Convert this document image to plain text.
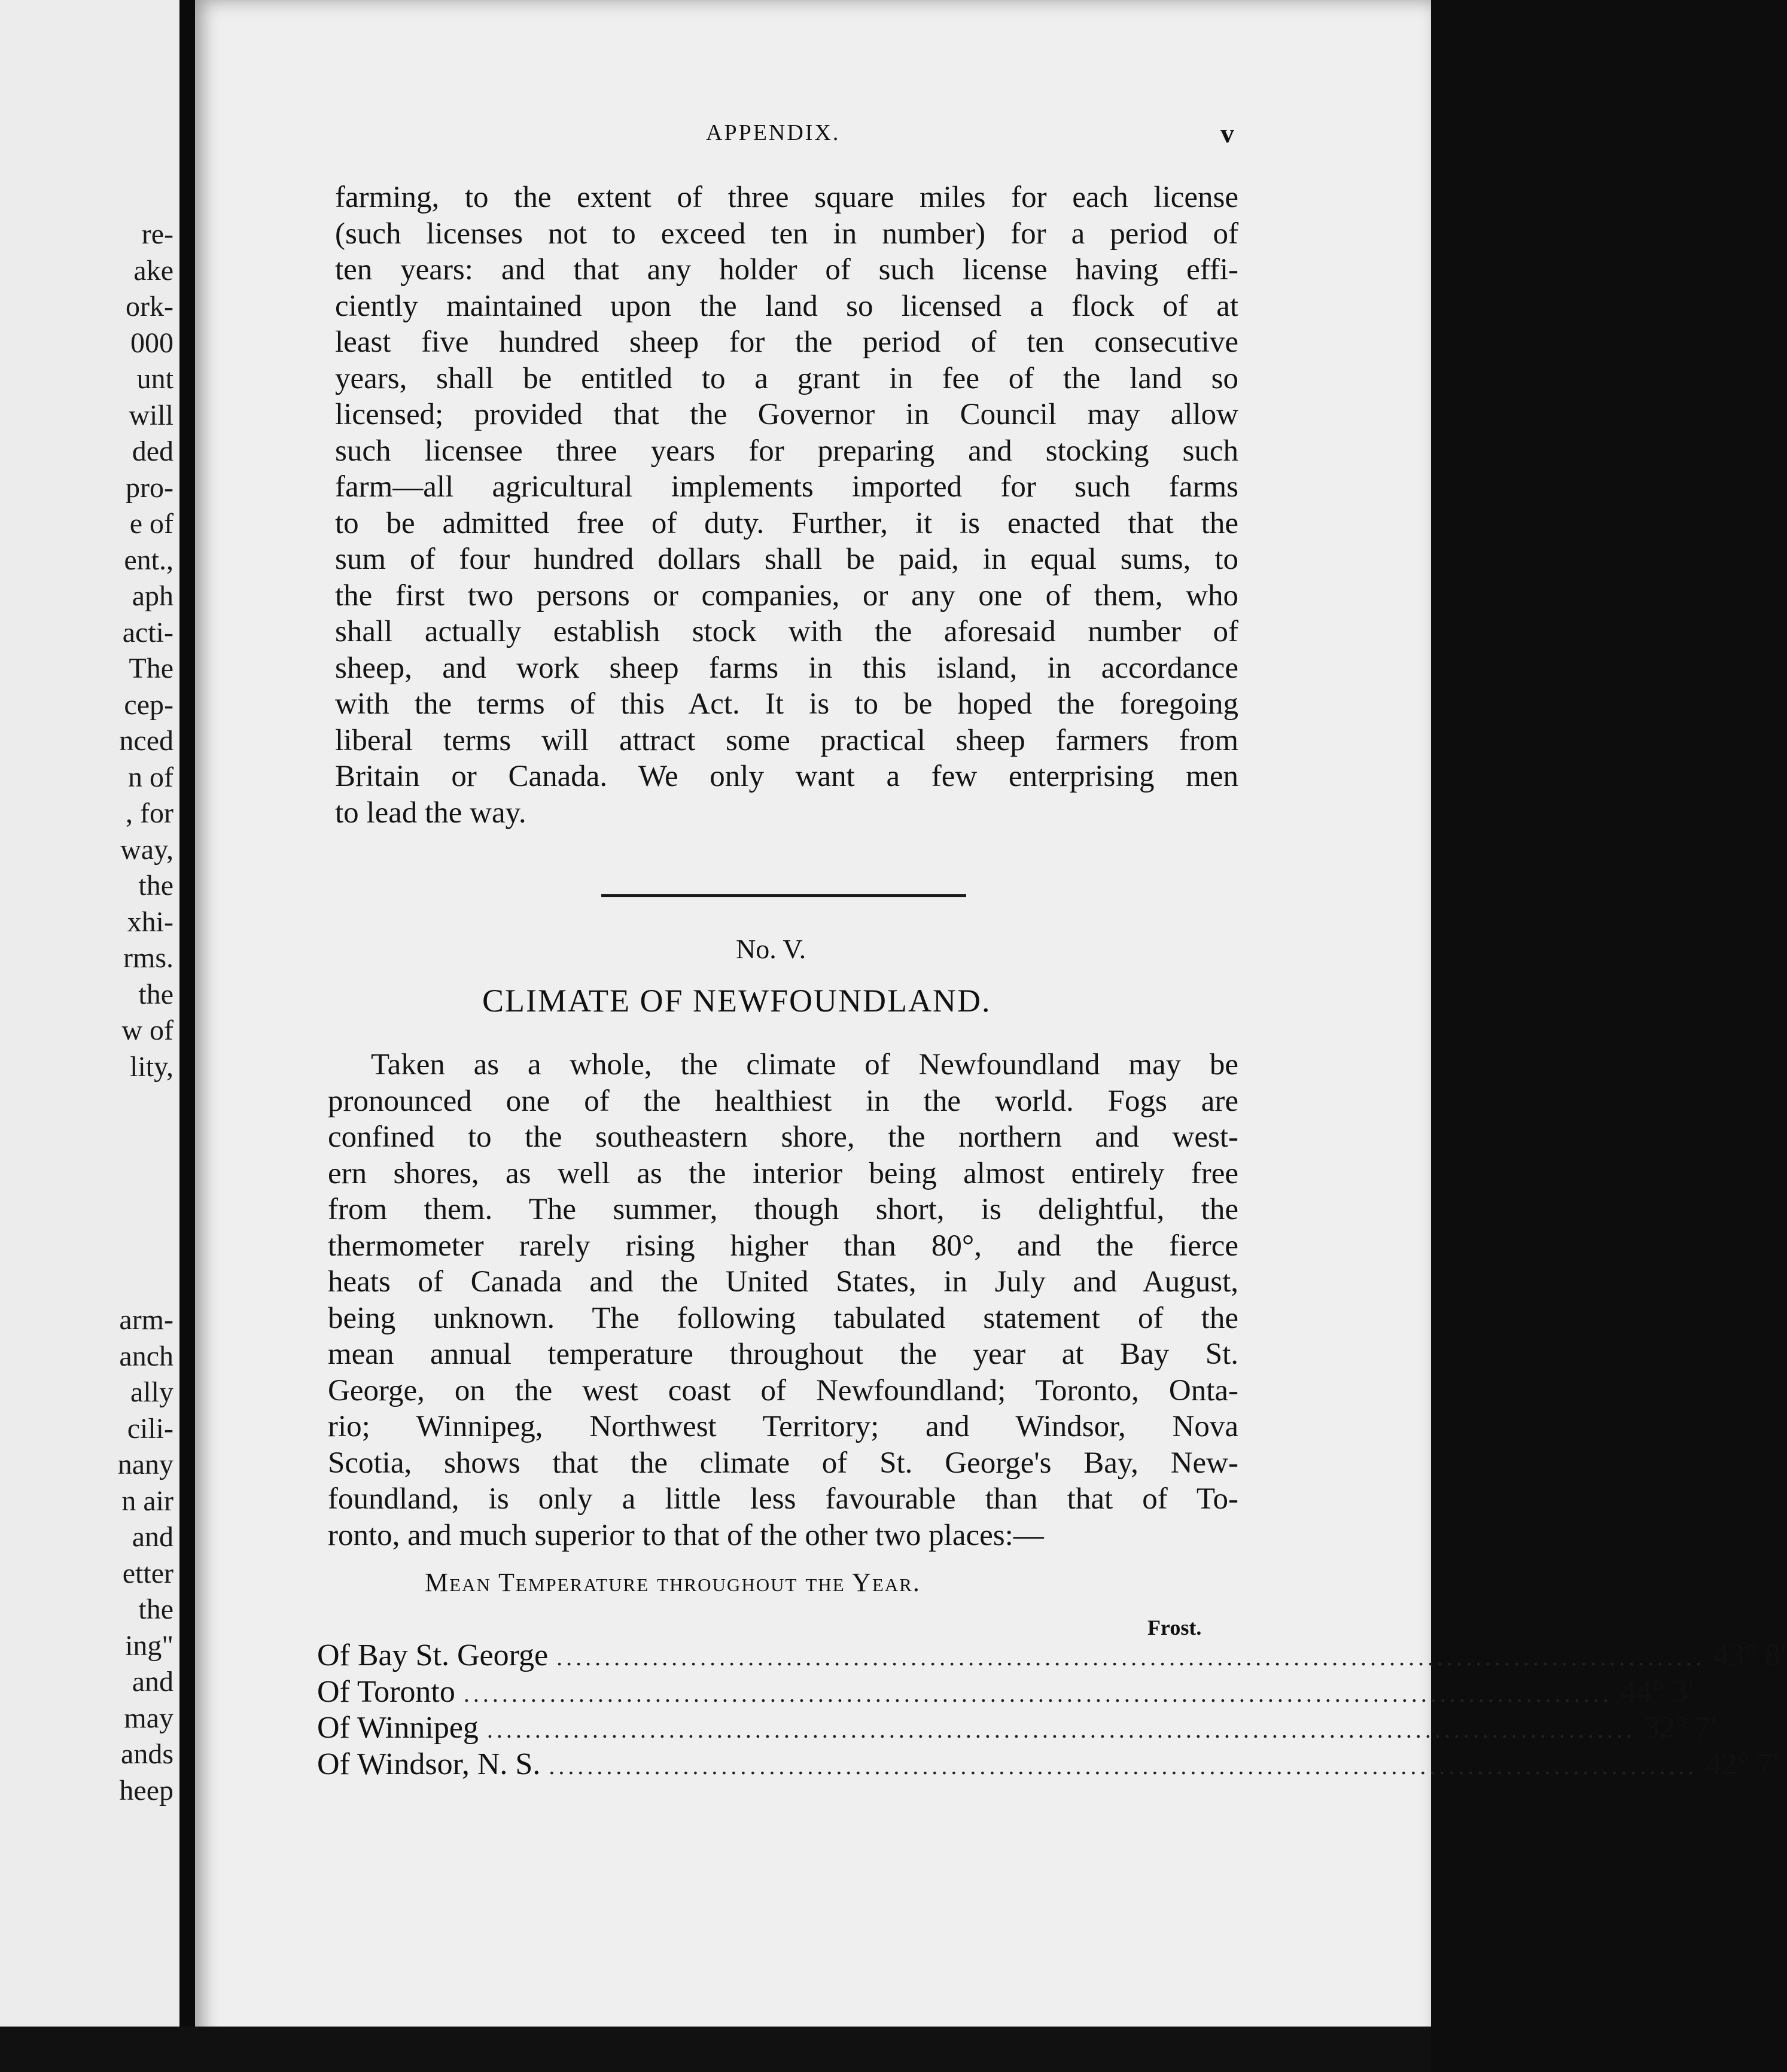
re-
ake
ork-
000
unt
will
ded
pro-
e of
ent.,
aph
acti-
The
cep-
nced
n of
, for
way,
the
xhi-
rms.
the
w of
lity,
arm-
anch
ally
cili-
nany
n air
and
etter
the
ing"
and
may
ands
heep
APPENDIX.	v
farming, to the extent of three square miles for each license
(such licenses not to exceed ten in number) for a period of
ten years: and that any holder of such license having effi-
ciently maintained upon the land so licensed a flock of at
least five hundred sheep for the period of ten consecutive
years, shall be entitled to a grant in fee of the land so
licensed; provided that the Governor in Council may allow
such licensee three years for preparing and stocking such
farm—all agricultural implements imported for such farms
to be admitted free of duty. Further, it is enacted that the
sum of four hundred dollars shall be paid, in equal sums, to
the first two persons or companies, or any one of them, who
shall actually establish stock with the aforesaid number of
sheep, and work sheep farms in this island, in accordance
with the terms of this Act. It is to be hoped the foregoing
liberal terms will attract some practical sheep farmers from
Britain or Canada. We only want a few enterprising men
to lead the way.
No. V.
CLIMATE OF NEWFOUNDLAND.
Taken as a whole, the climate of Newfoundland may be
pronounced one of the healthiest in the world. Fogs are
confined to the southeastern shore, the northern and west-
ern shores, as well as the interior being almost entirely free
from them. The summer, though short, is delightful, the
thermometer rarely rising higher than 80°, and the fierce
heats of Canada and the United States, in July and August,
being unknown. The following tabulated statement of the
mean annual temperature throughout the year at Bay St.
George, on the west coast of Newfoundland; Toronto, Onta-
rio; Winnipeg, Northwest Territory; and Windsor, Nova
Scotia, shows that the climate of St. George's Bay, New-
foundland, is only a little less favourable than that of To-
ronto, and much superior to that of the other two places:—
Mean Temperature throughout the Year.
Frost.
Of Bay St. George ........................................................................................................................ 43° 8′
Of Toronto ........................................................................................................................ 44° 3′
Of Winnipeg ........................................................................................................................ 32° 7′
Of Windsor, N. S. ........................................................................................................................ 42° 7′
